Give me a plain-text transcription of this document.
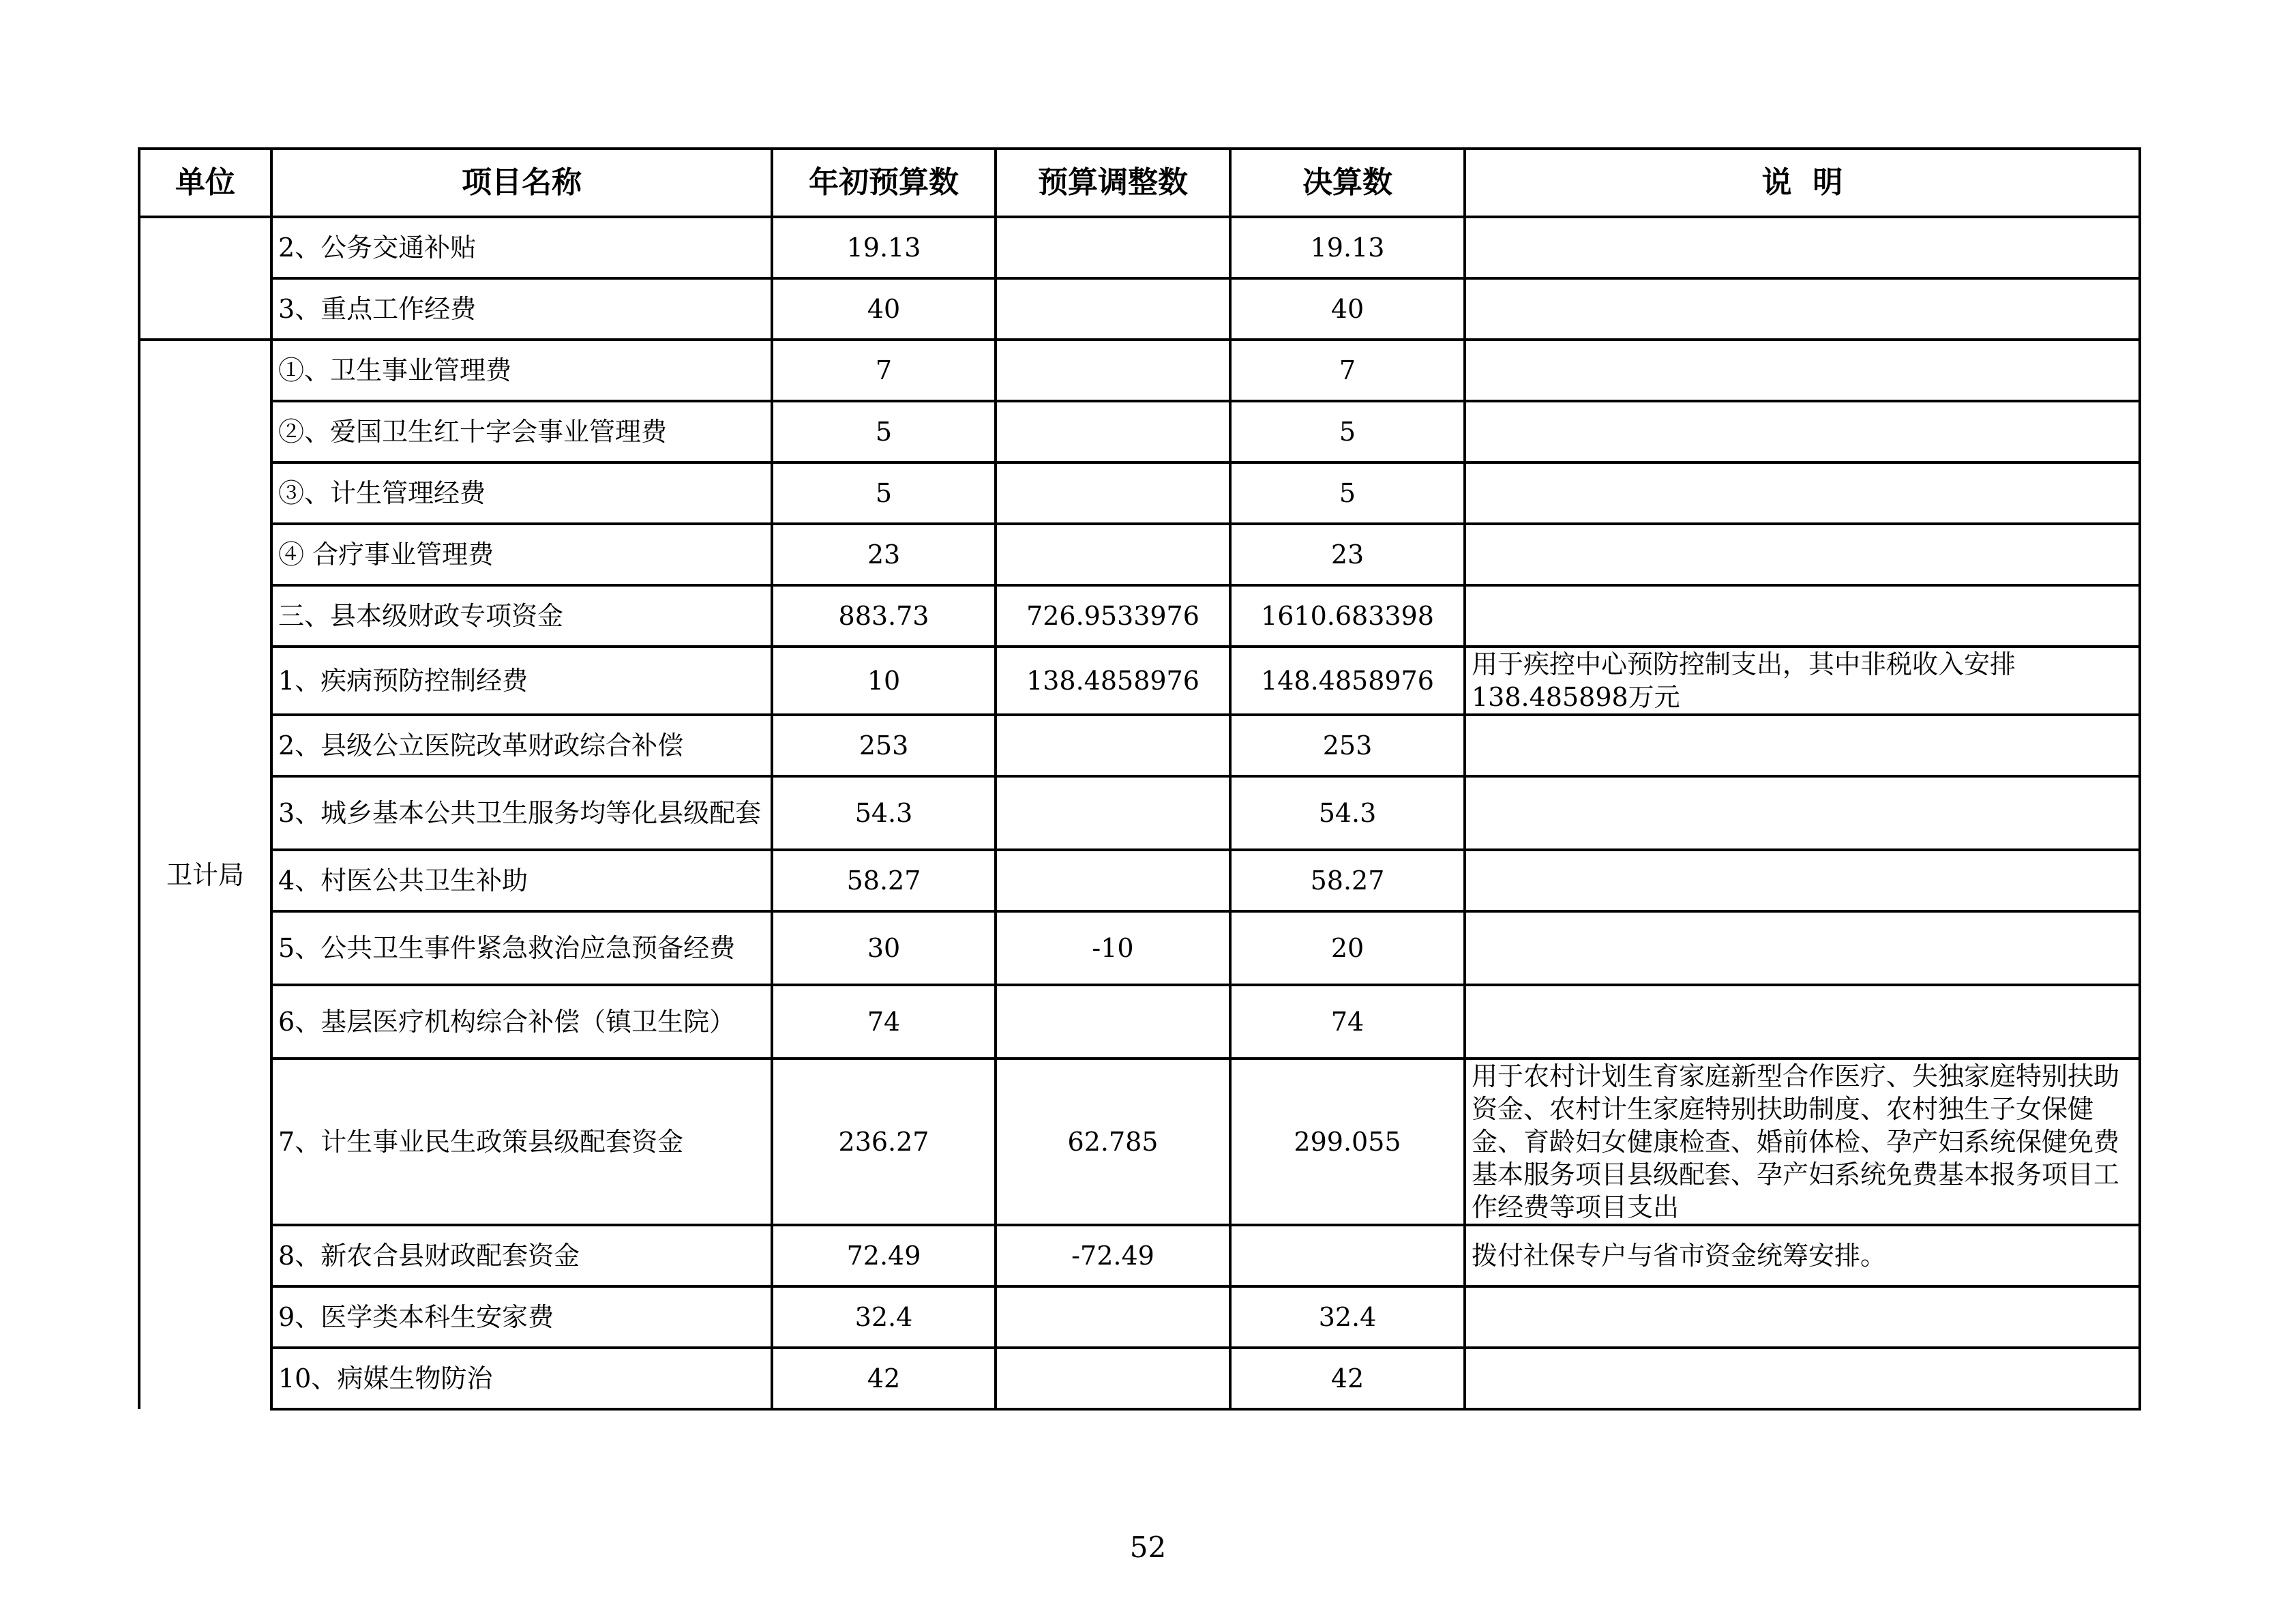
单位	项目名称	年初预算数	预算调整数	决算数	说  明
	2、公务交通补贴	19.13		19.13	
	3、重点工作经费	40		40	
卫计局	①、卫生事业管理费	7		7	
	②、爱国卫生红十字会事业管理费	5		5	
	③、计生管理经费	5		5	
	④ 合疗事业管理费	23		23	
	三、县本级财政专项资金	883.73	726.9533976	1610.683398	
	1、疾病预防控制经费	10	138.4858976	148.4858976	用于疾控中心预防控制支出，其中非税收入安排138.485898万元
	2、县级公立医院改革财政综合补偿	253		253	
	3、城乡基本公共卫生服务均等化县级配套	54.3		54.3	
	4、村医公共卫生补助	58.27		58.27	
	5、公共卫生事件紧急救治应急预备经费	30	-10	20	
	6、基层医疗机构综合补偿（镇卫生院）	74		74	
	7、计生事业民生政策县级配套资金	236.27	62.785	299.055	用于农村计划生育家庭新型合作医疗、失独家庭特别扶助资金、农村计生家庭特别扶助制度、农村独生子女保健金、育龄妇女健康检查、婚前体检、孕产妇系统保健免费基本服务项目县级配套、孕产妇系统免费基本报务项目工作经费等项目支出
	8、新农合县财政配套资金	72.49	-72.49		拨付社保专户与省市资金统筹安排。
	9、医学类本科生安家费	32.4		32.4	
	10、病媒生物防治	42		42	
52
